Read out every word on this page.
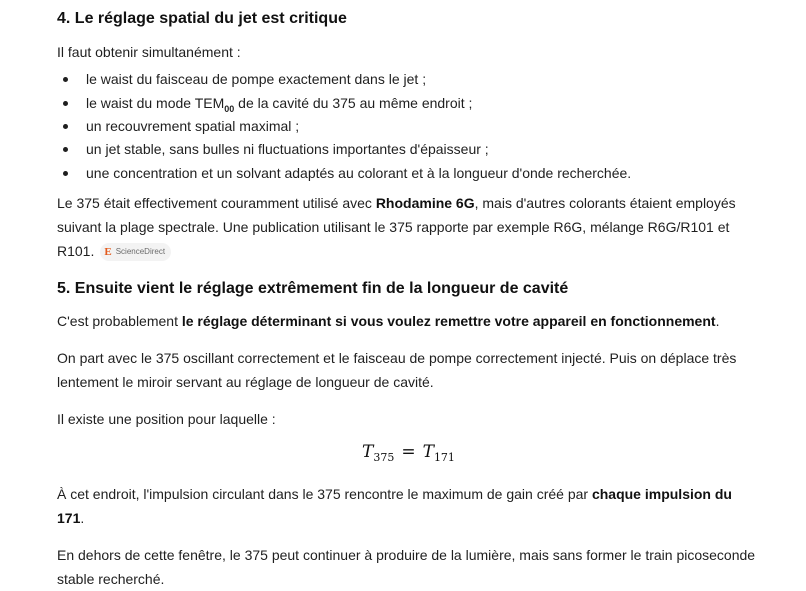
4. Le réglage spatial du jet est critique
Il faut obtenir simultanément :
le waist du faisceau de pompe exactement dans le jet ;
le waist du mode $TEM_{00}$ de la cavité du 375 au même endroit ;
un recouvrement spatial maximal ;
un jet stable, sans bulles ni fluctuations importantes d'épaisseur ;
une concentration et un solvant adaptés au colorant et à la longueur d'onde recherchée.
Le 375 était effectivement couramment utilisé avec Rhodamine 6G, mais d'autres colorants étaient employés suivant la plage spectrale. Une publication utilisant le 375 rapporte par exemple R6G, mélange R6G/R101 et R101. E ScienceDirect
5. Ensuite vient le réglage extrêmement fin de la longueur de cavité
C'est probablement le réglage déterminant si vous voulez remettre votre appareil en fonctionnement.
On part avec le 375 oscillant correctement et le faisceau de pompe correctement injecté. Puis on déplace très lentement le miroir servant au réglage de longueur de cavité.
Il existe une position pour laquelle :
$T_{375} = T_{171}$
À cet endroit, l'impulsion circulant dans le 375 rencontre le maximum de gain créé par chaque impulsion du 171.
En dehors de cette fenêtre, le 375 peut continuer à produire de la lumière, mais sans former le train picoseconde stable recherché.
